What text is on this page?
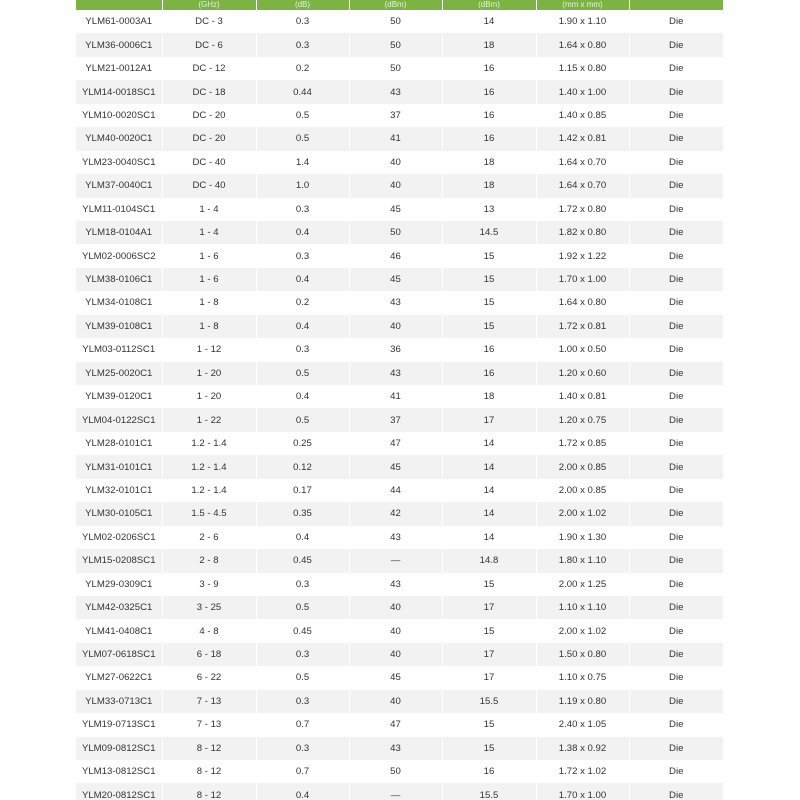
	(GHz)	(dB)	(dBm)	(dBm)	(mm x mm)	
YLM61-0003A1	DC - 3	0.3	50	14	1.90 x 1.10	Die
YLM36-0006C1	DC - 6	0.3	50	18	1.64 x 0.80	Die
YLM21-0012A1	DC - 12	0.2	50	16	1.15 x 0.80	Die
YLM14-0018SC1	DC - 18	0.44	43	16	1.40 x 1.00	Die
YLM10-0020SC1	DC - 20	0.5	37	16	1.40 x 0.85	Die
YLM40-0020C1	DC - 20	0.5	41	16	1.42 x 0.81	Die
YLM23-0040SC1	DC - 40	1.4	40	18	1.64 x 0.70	Die
YLM37-0040C1	DC - 40	1.0	40	18	1.64 x 0.70	Die
YLM11-0104SC1	1 - 4	0.3	45	13	1.72 x 0.80	Die
YLM18-0104A1	1 - 4	0.4	50	14.5	1.82 x 0.80	Die
YLM02-0006SC2	1 - 6	0.3	46	15	1.92 x 1.22	Die
YLM38-0106C1	1 - 6	0.4	45	15	1.70 x 1.00	Die
YLM34-0108C1	1 - 8	0.2	43	15	1.64 x 0.80	Die
YLM39-0108C1	1 - 8	0.4	40	15	1.72 x 0.81	Die
YLM03-0112SC1	1 - 12	0.3	36	16	1.00 x 0.50	Die
YLM25-0020C1	1 - 20	0.5	43	16	1.20 x 0.60	Die
YLM39-0120C1	1 - 20	0.4	41	18	1.40 x 0.81	Die
YLM04-0122SC1	1 - 22	0.5	37	17	1.20 x 0.75	Die
YLM28-0101C1	1.2 - 1.4	0.25	47	14	1.72 x 0.85	Die
YLM31-0101C1	1.2 - 1.4	0.12	45	14	2.00 x 0.85	Die
YLM32-0101C1	1.2 - 1.4	0.17	44	14	2.00 x 0.85	Die
YLM30-0105C1	1.5 - 4.5	0.35	42	14	2.00 x 1.02	Die
YLM02-0206SC1	2 - 6	0.4	43	14	1.90 x 1.30	Die
YLM15-0208SC1	2 - 8	0.45	—	14.8	1.80 x 1.10	Die
YLM29-0309C1	3 - 9	0.3	43	15	2.00 x 1.25	Die
YLM42-0325C1	3 - 25	0.5	40	17	1.10 x 1.10	Die
YLM41-0408C1	4 - 8	0.45	40	15	2.00 x 1.02	Die
YLM07-0618SC1	6 - 18	0.3	40	17	1.50 x 0.80	Die
YLM27-0622C1	6 - 22	0.5	45	17	1.10 x 0.75	Die
YLM33-0713C1	7 - 13	0.3	40	15.5	1.19 x 0.80	Die
YLM19-0713SC1	7 - 13	0.7	47	15	2.40 x 1.05	Die
YLM09-0812SC1	8 - 12	0.3	43	15	1.38 x 0.92	Die
YLM13-0812SC1	8 - 12	0.7	50	16	1.72 x 1.02	Die
YLM20-0812SC1	8 - 12	0.4	—	15.5	1.70 x 1.00	Die
